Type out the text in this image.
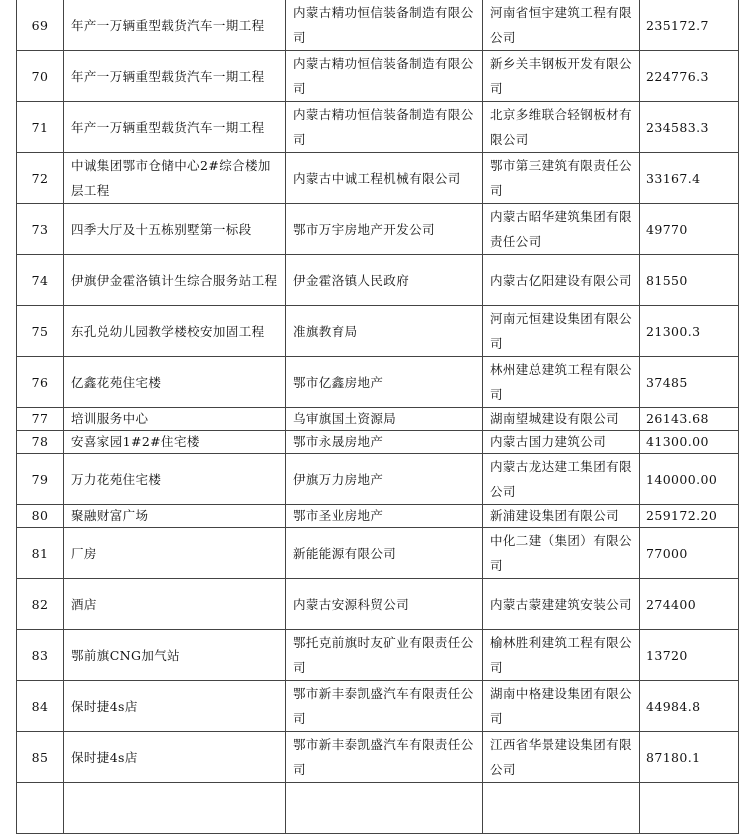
69	年产一万辆重型载货汽车一期工程	内蒙古精功恒信装备制造有限公司	河南省恒宇建筑工程有限公司	235172.7
70	年产一万辆重型载货汽车一期工程	内蒙古精功恒信装备制造有限公司	新乡关丰钢板开发有限公司	224776.3
71	年产一万辆重型载货汽车一期工程	内蒙古精功恒信装备制造有限公司	北京多维联合轻钢板材有限公司	234583.3
72	中诚集团鄂市仓储中心2#综合楼加层工程	内蒙古中诚工程机械有限公司	鄂市第三建筑有限责任公司	33167.4
73	四季大厅及十五栋别墅第一标段	鄂市万宇房地产开发公司	内蒙古昭华建筑集团有限责任公司	49770
74	伊旗伊金霍洛镇计生综合服务站工程	伊金霍洛镇人民政府	内蒙古亿阳建设有限公司	81550
75	东孔兑幼儿园教学楼校安加固工程	准旗教育局	河南元恒建设集团有限公司	21300.3
76	亿鑫花苑住宅楼	鄂市亿鑫房地产	林州建总建筑工程有限公司	37485
77	培训服务中心	乌审旗国土资源局	湖南望城建设有限公司	26143.68
78	安喜家园1#2#住宅楼	鄂市永晟房地产	内蒙古国力建筑公司	41300.00
79	万力花苑住宅楼	伊旗万力房地产	内蒙古龙达建工集团有限公司	140000.00
80	聚融财富广场	鄂市圣业房地产	新浦建设集团有限公司	259172.20
81	厂房	新能能源有限公司	中化二建（集团）有限公司	77000
82	酒店	内蒙古安源科贸公司	内蒙古蒙建建筑安装公司	274400
83	鄂前旗CNG加气站	鄂托克前旗时友矿业有限责任公司	榆林胜利建筑工程有限公司	13720
84	保时捷4s店	鄂市新丰泰凯盛汽车有限责任公司	湖南中格建设集团有限公司	44984.8
85	保时捷4s店	鄂市新丰泰凯盛汽车有限责任公司	江西省华景建设集团有限公司	87180.1
